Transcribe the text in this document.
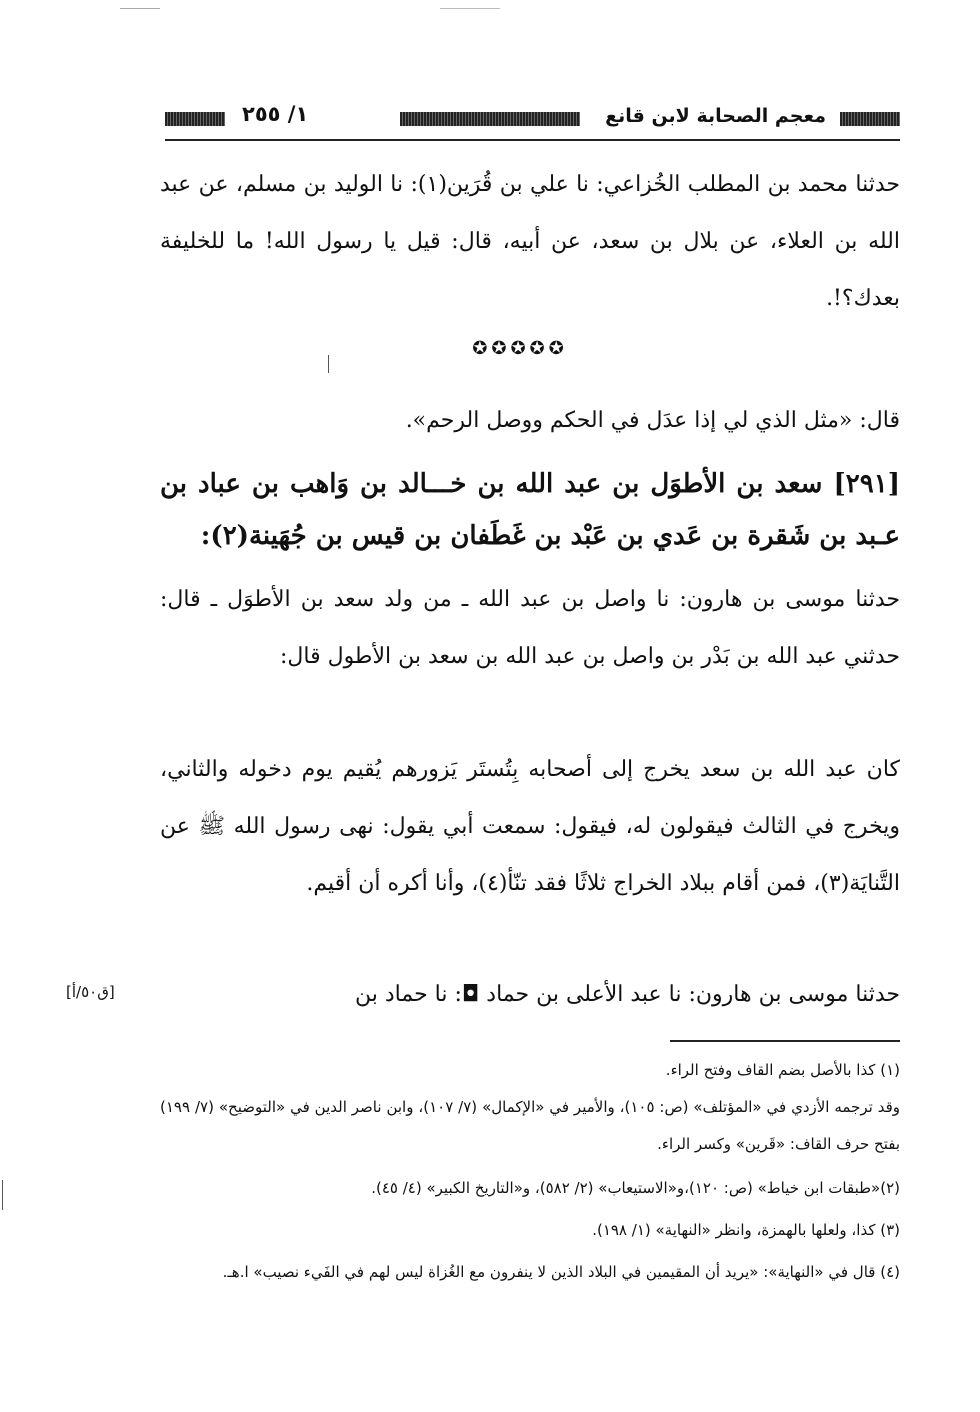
معجم الصحابة لابن قانع
١/ ٢٥٥
حدثنا محمد بن المطلب الخُزاعي: نا علي بن قُرَين(١): نا الوليد بن مسلم، عن عبد الله بن العلاء، عن بلال بن سعد، عن أبيه، قال: قيل يا رسول الله! ما للخليفة بعدك؟!.
✪✪✪✪✪
قال: «مثل الذي لي إذا عدَل في الحكم ووصل الرحم».
[٢٩١] سعد بن الأطوَل بن عبد الله بن خـــالد بن وَاهب بن عباد بن عـبد بن شَقرة بن عَدي بن عَبْد بن غَطَفان بن قيس بن جُهَينة(٢):
حدثنا موسى بن هارون: نا واصل بن عبد الله ـ من ولد سعد بن الأطوَل ـ قال: حدثني عبد الله بن بَدْر بن واصل بن عبد الله بن سعد بن الأطول قال:
كان عبد الله بن سعد يخرج إلى أصحابه بِتُستَر يَزورهم يُقيم يوم دخوله والثاني، ويخرج في الثالث فيقولون له، فيقول: سمعت أبي يقول: نهى رسول الله ﷺ عن التَّنايَة(٣)، فمن أقام ببلاد الخراج ثلاثًا فقد تنّأ(٤)، وأنا أكره أن أقيم.
حدثنا موسى بن هارون: نا عبد الأعلى بن حماد ◘: نا حماد بن
[ق٥٠/أ]
(١) كذا بالأصل بضم القاف وفتح الراء.
وقد ترجمه الأزدي في «المؤتلف» (ص: ١٠٥)، والأمير في «الإكمال» (٧/ ١٠٧)، وابن ناصر الدين في «التوضيح» (٧/ ١٩٩) بفتح حرف القاف: «قَرين» وكسر الراء.
(٢)«طبقات ابن خياط» (ص: ١٢٠)،و«الاستيعاب» (٢/ ٥٨٢)، و«التاريخ الكبير» (٤/ ٤٥).
(٣) كذا، ولعلها بالهمزة، وانظر «النهاية» (١/ ١٩٨).
(٤) قال في «النهاية»: «يريد أن المقيمين في البلاد الذين لا ينفرون مع الغُزاة ليس لهم في الفَيء نصيب» ا.هـ.
